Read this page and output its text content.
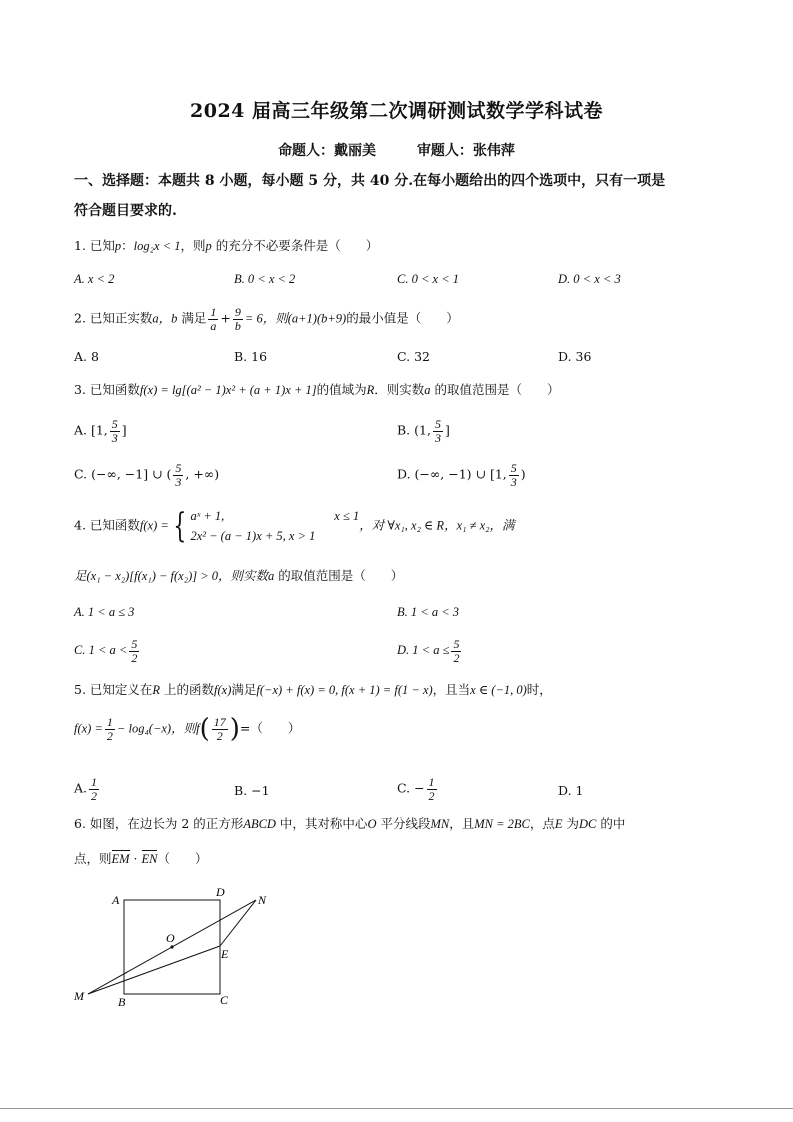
2024 届高三年级第二次调研测试数学学科试卷
命题人：戴丽美	审题人：张伟萍
一、选择题：本题共 8 小题，每小题 5 分，共 40 分.在每小题给出的四个选项中，只有一项是
符合题目要求的.
1. 已知p：log₂x < 1，则p 的充分不必要条件是（　　）
A. x < 2	B. 0 < x < 2	C. 0 < x < 1	D. 0 < x < 3
2. 已知正实数a，b 满足 $\frac{1}{a} + \frac{9}{b} = 6$，则(a+1)(b+9)的最小值是（　　）
A. 8	B. 16	C. 32	D. 36
3. 已知函数f(x) = lg[(a² − 1)x² + (a + 1)x + 1]的值域为R．则实数a 的取值范围是（　　）
A. [1, $\frac{5}{3}$ ]	B. (1, $\frac{5}{3}$ ]
C. (−∞, −1] ∪ ( $\frac{5}{3}$ , +∞)	D. (−∞, −1) ∪ [1, $\frac{5}{3}$ )
4. 已知函数f(x) = { aˣ + 1,	x ≤ 1
2x² − (a − 1)x + 5, x > 1
，对 ∀x₁, x₂ ∈ R，x₁ ≠ x₂，满
足(x₁ − x₂)[f(x₁) − f(x₂)] > 0，则实数a 的取值范围是（　　）
A. 1 < a ≤ 3	B. 1 < a < 3
C. $1 < a < \frac{5}{2}$	D. $1 < a \le \frac{5}{2}$
5. 已知定义在R 上的函数f(x)满足f(−x) + f(x) = 0, f(x + 1) = f(1 − x)，且当x ∈ (−1, 0)时，
$f(x) = \frac{1}{2} - \log_4(-x)$，则$f( \frac{17}{2}$ )=（　　）
A. $\frac{1}{2}$	B. −1	C. − $\frac{1}{2}$	D. 1
6. 如图，在边长为 2 的正方形ABCD 中，其对称中心O 平分线段MN，且MN = 2BC，点E 为DC 的中
点，则EM · EN（　　）
A
D
N
O
E
M	B	C
